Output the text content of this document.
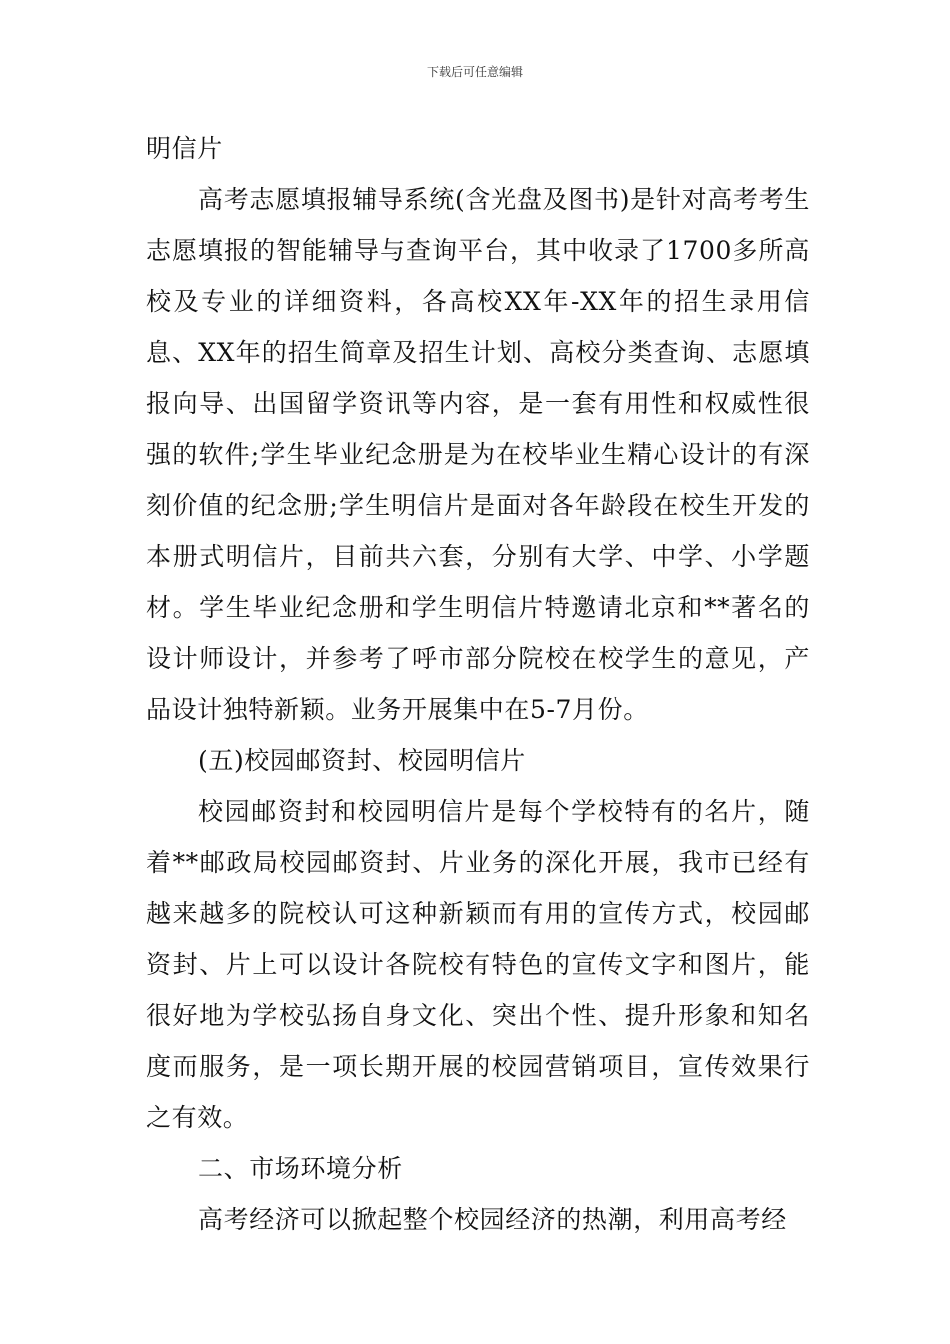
下载后可任意编辑

明信片

高考志愿填报辅导系统(含光盘及图书)是针对高考考生志愿填报的智能辅导与查询平台，其中收录了1700多所高校及专业的详细资料，各高校XX年-XX年的招生录用信息、XX年的招生简章及招生计划、高校分类查询、志愿填报向导、出国留学资讯等内容，是一套有用性和权威性很强的软件;学生毕业纪念册是为在校毕业生精心设计的有深刻价值的纪念册;学生明信片是面对各年龄段在校生开发的本册式明信片，目前共六套，分别有大学、中学、小学题材。学生毕业纪念册和学生明信片特邀请北京和**著名的设计师设计，并参考了呼市部分院校在校学生的意见，产品设计独特新颖。业务开展集中在5-7月份。

(五)校园邮资封、校园明信片

校园邮资封和校园明信片是每个学校特有的名片，随着**邮政局校园邮资封、片业务的深化开展，我市已经有越来越多的院校认可这种新颖而有用的宣传方式，校园邮资封、片上可以设计各院校有特色的宣传文字和图片，能很好地为学校弘扬自身文化、突出个性、提升形象和知名度而服务，是一项长期开展的校园营销项目，宣传效果行之有效。

二、市场环境分析

高考经济可以掀起整个校园经济的热潮，利用高考经
